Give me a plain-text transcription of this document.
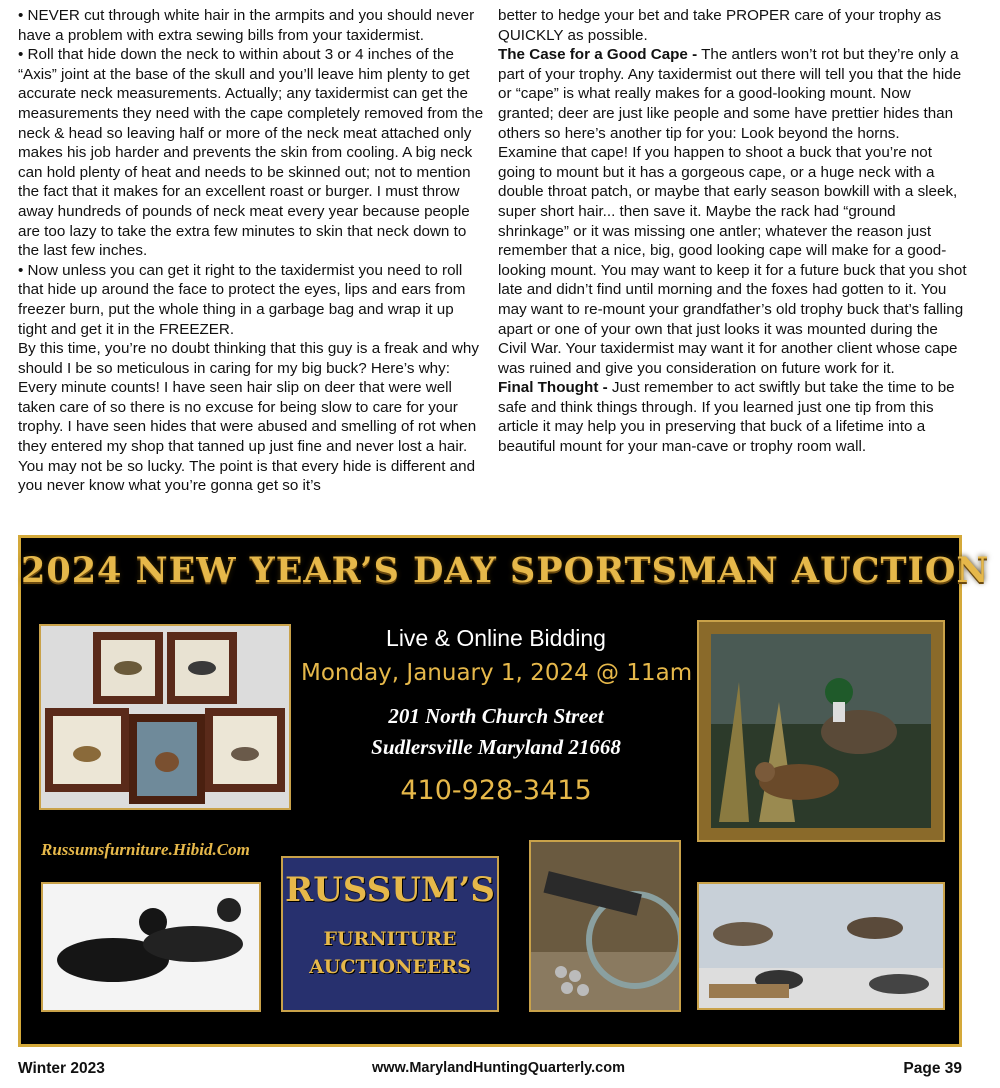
• NEVER cut through white hair in the armpits and you should never have a problem with extra sewing bills from your taxidermist.

• Roll that hide down the neck to within about 3 or 4 inches of the “Axis” joint at the base of the skull and you’ll leave him plenty to get accurate neck measurements. Actually; any taxidermist can get the measurements they need with the cape completely removed from the neck & head so leaving half or more of the neck meat attached only makes his job harder and prevents the skin from cooling. A big neck can hold plenty of heat and needs to be skinned out; not to mention the fact that it makes for an excellent roast or burger. I must throw away hundreds of pounds of neck meat every year because people are too lazy to take the extra few minutes to skin that neck down to the last few inches.

• Now unless you can get it right to the taxidermist you need to roll that hide up around the face to protect the eyes, lips and ears from freezer burn, put the whole thing in a garbage bag and wrap it up tight and get it in the FREEZER.

By this time, you’re no doubt thinking that this guy is a freak and why should I be so meticulous in caring for my big buck? Here’s why: Every minute counts! I have seen hair slip on deer that were well taken care of so there is no excuse for being slow to care for your trophy. I have seen hides that were abused and smelling of rot when they entered my shop that tanned up just fine and never lost a hair. You may not be so lucky. The point is that every hide is different and you never know what you’re gonna get so it’s

better to hedge your bet and take PROPER care of your trophy as QUICKLY as possible.

The Case for a Good Cape - The antlers won’t rot but they’re only a part of your trophy. Any taxidermist out there will tell you that the hide or “cape” is what really makes for a good-looking mount. Now granted; deer are just like people and some have prettier hides than others so here’s another tip for you: Look beyond the horns.

Examine that cape! If you happen to shoot a buck that you’re not going to mount but it has a gorgeous cape, or a huge neck with a double throat patch, or maybe that early season bowkill with a sleek, super short hair... then save it. Maybe the rack had “ground shrinkage” or it was missing one antler; whatever the reason just remember that a nice, big, good looking cape will make for a good-looking mount. You may want to keep it for a future buck that you shot late and didn’t find until morning and the foxes had gotten to it. You may want to re-mount your grandfather’s old trophy buck that’s falling apart or one of your own that just looks it was mounted during the Civil War. Your taxidermist may want it for another client whose cape was ruined and give you consideration on future work for it.

Final Thought - Just remember to act swiftly but take the time to be safe and think things through. If you learned just one tip from this article it may help you in preserving that buck of a lifetime into a beautiful mount for your man-cave or trophy room wall.

2024 NEW YEAR’S DAY SPORTSMAN AUCTION
Live & Online Bidding
Monday, January 1, 2024 @ 11am
201 North Church Street
Sudlersville Maryland 21668
410-928-3415
Russumsfurniture.Hibid.Com
RUSSUM’S
FURNITURE
AUCTIONEERS
Winter 2023	www.MarylandHuntingQuarterly.com	Page 39
